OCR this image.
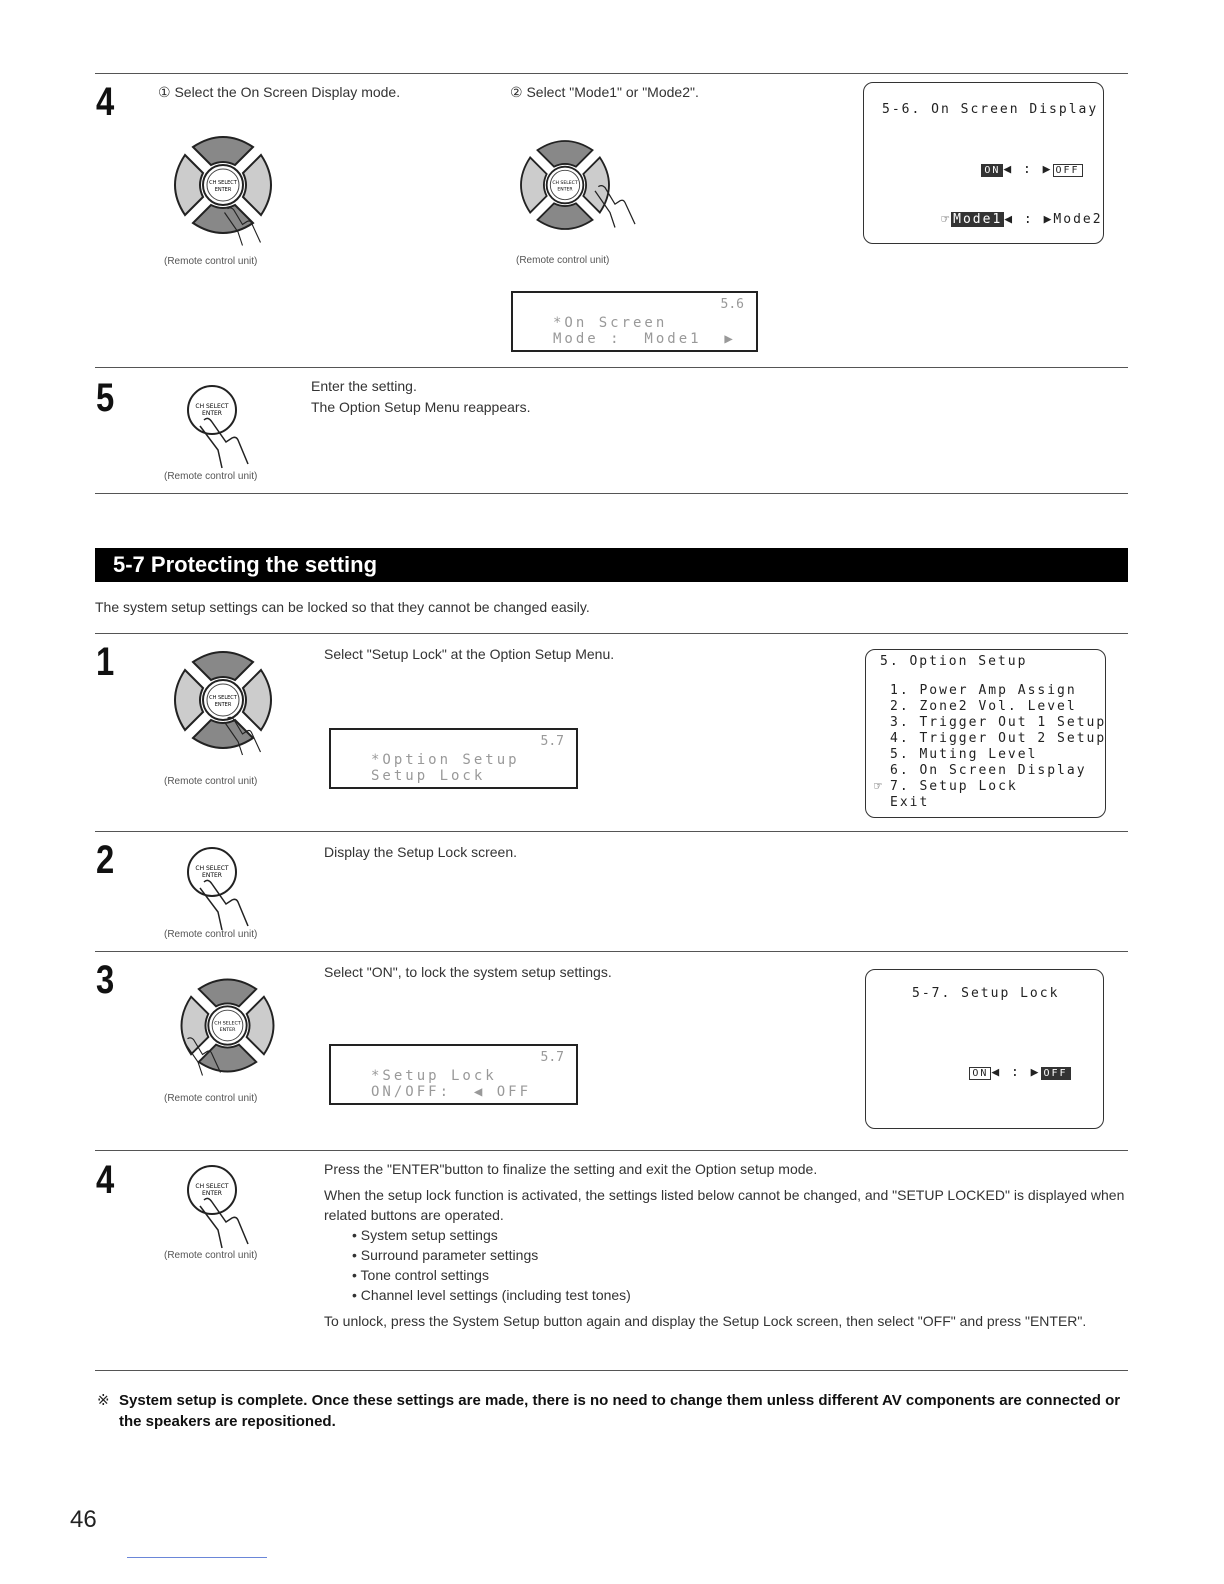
4	① Select the On Screen Display mode.	② Select "Mode1" or "Mode2".
(Remote control unit)	(Remote control unit)
5.6
*On Screen
Mode :  Mode1  ▶
5-6. On Screen Display

ON ◀ : ▶ OFF

☞ Mode1 ◀ : ▶Mode2

5
(Remote control unit)
Enter the setting.
The Option Setup Menu reappears.
5-7 Protecting the setting
The system setup settings can be locked so that they cannot be changed easily.
1
(Remote control unit)
Select "Setup Lock" at the Option Setup Menu.
5.7
*Option Setup
Setup Lock
5. Option Setup
1. Power Amp Assign
2. Zone2 Vol. Level
3. Trigger Out 1 Setup
4. Trigger Out 2 Setup
5. Muting Level
6. On Screen Display
☞ 7. Setup Lock
Exit
2
(Remote control unit)
Display the Setup Lock screen.
3
(Remote control unit)
Select "ON", to lock the system setup settings.
5.7
*Setup Lock
ON/OFF:  ◀ OFF
5-7. Setup Lock

ON ◀ : ▶ OFF

4
(Remote control unit)
Press the "ENTER"button to finalize the setting and exit the Option setup mode.
When the setup lock function is activated, the settings listed below cannot be changed, and "SETUP LOCKED" is displayed when related buttons are operated.
• System setup settings
• Surround parameter settings
• Tone control settings
• Channel level settings (including test tones)
To unlock, press the System Setup button again and display the Setup Lock screen, then select "OFF" and press "ENTER".
※ System setup is complete. Once these settings are made, there is no need to change them unless different AV components are connected or the speakers are repositioned.
46
